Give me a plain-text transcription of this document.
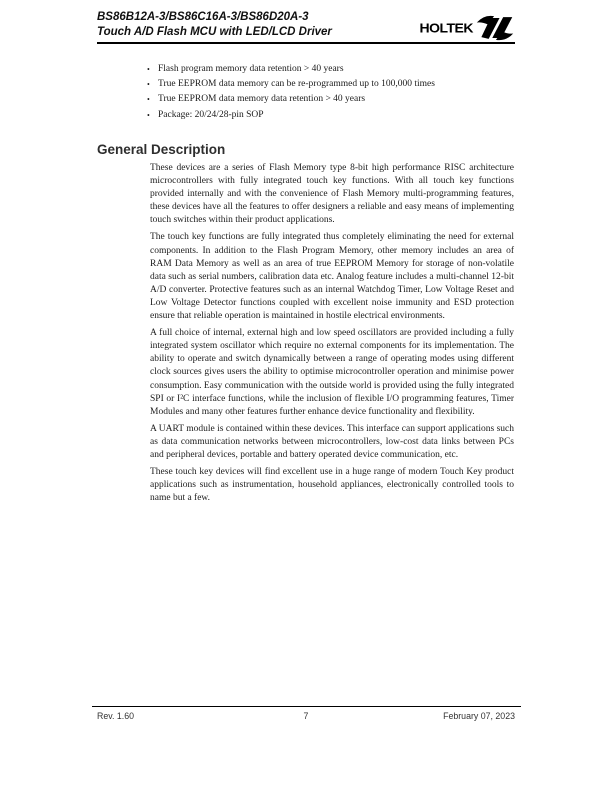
BS86B12A-3/BS86C16A-3/BS86D20A-3
Touch A/D Flash MCU with LED/LCD Driver	HOLTEK
• Flash program memory data retention > 40 years
• True EEPROM data memory can be re-programmed up to 100,000 times
• True EEPROM data memory data retention > 40 years
• Package: 20/24/28-pin SOP
General Description

These devices are a series of Flash Memory type 8-bit high performance RISC architecture microcontrollers with fully integrated touch key functions. With all touch key functions provided internally and with the convenience of Flash Memory multi-programming features, these devices have all the features to offer designers a reliable and easy means of implementing touch switches within their product applications.

The touch key functions are fully integrated thus completely eliminating the need for external components. In addition to the Flash Program Memory, other memory includes an area of RAM Data Memory as well as an area of true EEPROM Memory for storage of non-volatile data such as serial numbers, calibration data etc. Analog feature includes a multi-channel 12-bit A/D converter. Protective features such as an internal Watchdog Timer, Low Voltage Reset and Low Voltage Detector functions coupled with excellent noise immunity and ESD protection ensure that reliable operation is maintained in hostile electrical environments.

A full choice of internal, external high and low speed oscillators are provided including a fully integrated system oscillator which require no external components for its implementation. The ability to operate and switch dynamically between a range of operating modes using different clock sources gives users the ability to optimise microcontroller operation and minimise power consumption. Easy communication with the outside world is provided using the fully integrated SPI or I²C interface functions, while the inclusion of flexible I/O programming features, Timer Modules and many other features further enhance device functionality and flexibility.

A UART module is contained within these devices. This interface can support applications such as data communication networks between microcontrollers, low-cost data links between PCs and peripheral devices, portable and battery operated device communication, etc.

These touch key devices will find excellent use in a huge range of modern Touch Key product applications such as instrumentation, household appliances, electronically controlled tools to name but a few.

Rev. 1.60	7	February 07, 2023
